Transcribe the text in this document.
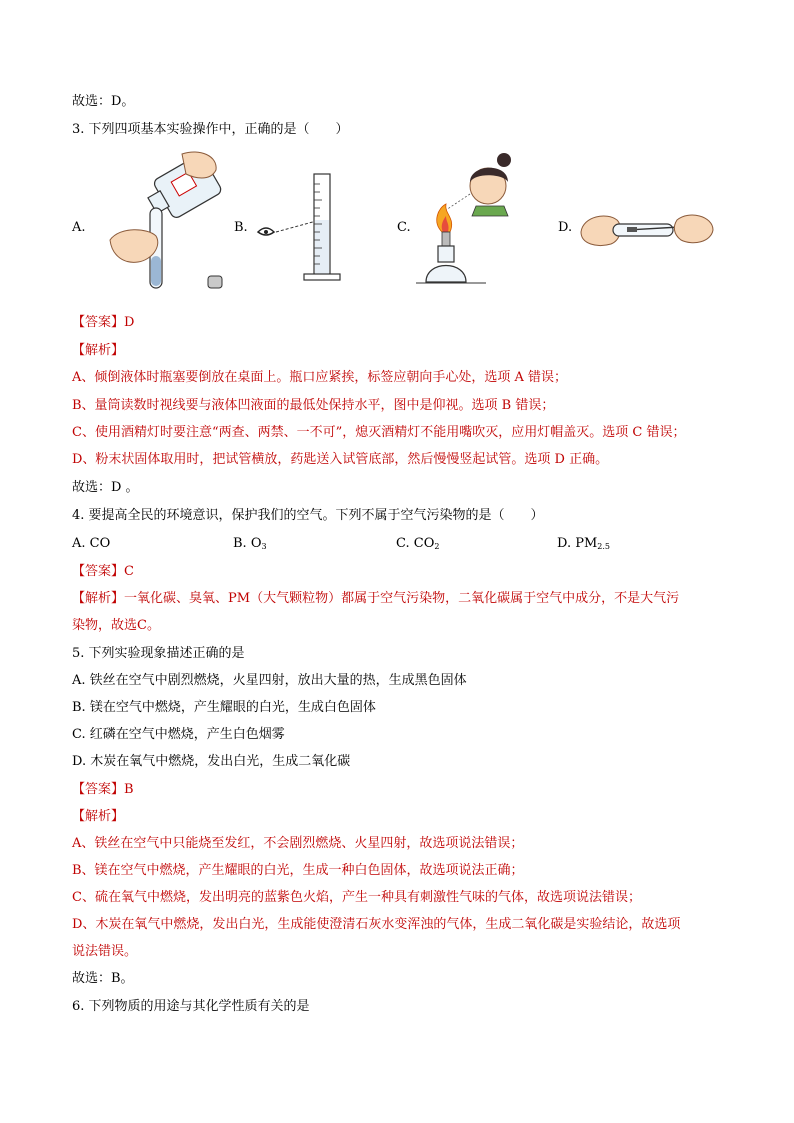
故选：D。
3. 下列四项基本实验操作中，正确的是（　　）
A.	B.	C.	D.
【答案】D
【解析】
A、倾倒液体时瓶塞要倒放在桌面上。瓶口应紧挨，标签应朝向手心处，选项 A 错误；
B、量筒读数时视线要与液体凹液面的最低处保持水平，图中是仰视。选项 B 错误；
C、使用酒精灯时要注意“两查、两禁、一不可”，熄灭酒精灯不能用嘴吹灭，应用灯帽盖灭。选项 C 错误；
D、粉末状固体取用时，把试管横放，药匙送入试管底部，然后慢慢竖起试管。选项 D 正确。
故选：D 。
4. 要提高全民的环境意识，保护我们的空气。下列不属于空气污染物的是（　　）
A. CO	B. $O_3$	C. $CO_2$	D. $PM_{2.5}$
【答案】C
【解析】一氧化碳、臭氧、PM（大气颗粒物）都属于空气污染物，二氧化碳属于空气中成分，不是大气污
染物，故选C。
5. 下列实验现象描述正确的是
A. 铁丝在空气中剧烈燃烧，火星四射，放出大量的热，生成黑色固体
B. 镁在空气中燃烧，产生耀眼的白光，生成白色固体
C. 红磷在空气中燃烧，产生白色烟雾
D. 木炭在氧气中燃烧，发出白光，生成二氧化碳
【答案】B
【解析】
A、铁丝在空气中只能烧至发红，不会剧烈燃烧、火星四射，故选项说法错误；
B、镁在空气中燃烧，产生耀眼的白光，生成一种白色固体，故选项说法正确；
C、硫在氧气中燃烧，发出明亮的蓝紫色火焰，产生一种具有刺激性气味的气体，故选项说法错误；
D、木炭在氧气中燃烧，发出白光，生成能使澄清石灰水变浑浊的气体，生成二氧化碳是实验结论，故选项
说法错误。
故选：B。
6. 下列物质的用途与其化学性质有关的是
